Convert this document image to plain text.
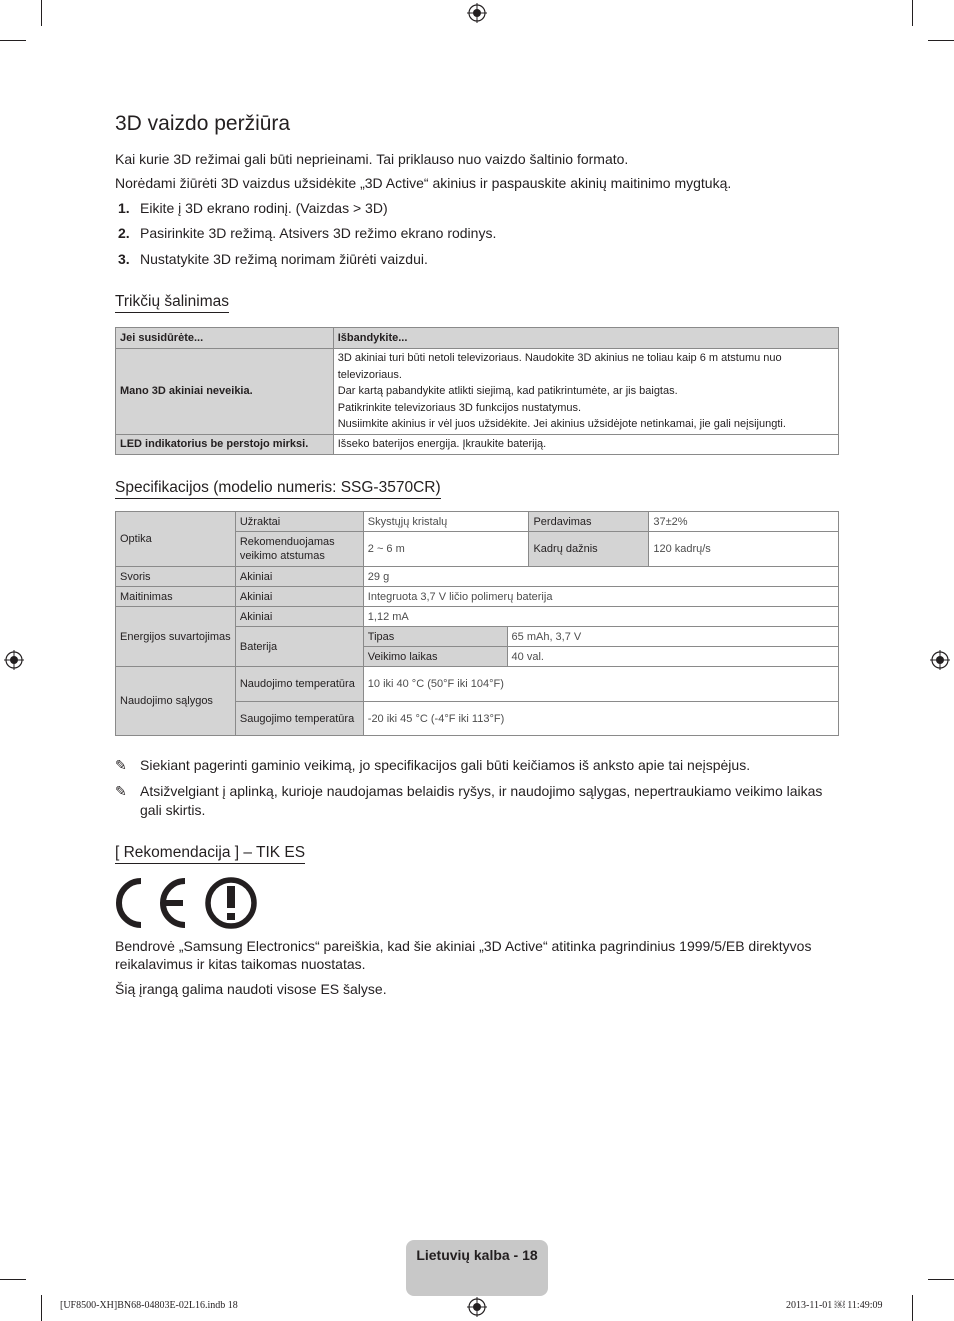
3D vaizdo peržiūra

Kai kurie 3D režimai gali būti neprieinami. Tai priklauso nuo vaizdo šaltinio formato.

Norėdami žiūrėti 3D vaizdus užsidėkite „3D Active“ akinius ir paspauskite akinių maitinimo mygtuką.

1. Eikite į 3D ekrano rodinį. (Vaizdas > 3D)
2. Pasirinkite 3D režimą. Atsivers 3D režimo ekrano rodinys.
3. Nustatykite 3D režimą norimam žiūrėti vaizdui.
Trikčių šalinimas
Jei susidūrėte...	Išbandykite...
Mano 3D akiniai neveikia.	3D akiniai turi būti netoli televizoriaus. Naudokite 3D akinius ne toliau kaip 6 m atstumu nuo televizoriaus.
Dar kartą pabandykite atlikti siejimą, kad patikrintumėte, ar jis baigtas.
Patikrinkite televizoriaus 3D funkcijos nustatymus.
Nusiimkite akinius ir vėl juos užsidėkite. Jei akinius užsidėjote netinkamai, jie gali neįsijungti.

LED indikatorius be perstojo mirksi.	Išseko baterijos energija. Įkraukite bateriją.
Specifikacijos (modelio numeris: SSG-3570CR)
Optika	Užraktai	Skystųjų kristalų		Perdavimas	37±2%
	Rekomenduojamas veikimo atstumas	2 ~ 6 m		Kadrų dažnis	120 kadrų/s
Svoris	Akiniai	29 g			
Maitinimas	Akiniai	Integruota 3,7 V ličio polimerų baterija			
Energijos suvartojimas	Akiniai	1,12 mA			
	Baterija	Tipas	65 mAh, 3,7 V		
		Veikimo laikas	40 val.		
Naudojimo sąlygos	Naudojimo temperatūra	10 iki 40 °C (50°F iki 104°F)			
	Saugojimo temperatūra	-20 iki 45 °C (-4°F iki 113°F)			
✎ Siekiant pagerinti gaminio veikimą, jo specifikacijos gali būti keičiamos iš anksto apie tai neįspėjus.
✎ Atsižvelgiant į aplinką, kurioje naudojamas belaidis ryšys, ir naudojimo sąlygas, nepertraukiamo veikimo laikas gali skirtis.
[ Rekomendacija ] – TIK ES

Bendrovė „Samsung Electronics“ pareiškia, kad šie akiniai „3D Active“ atitinka pagrindinius 1999/5/EB direktyvos reikalavimus ir kitas taikomas nuostatas.

Šią įrangą galima naudoti visose ES šalyse.

Lietuvių kalba - 18
[UF8500-XH]BN68-04803E-02L16.indb 18	2013-11-01 ￼ 11:49:09
